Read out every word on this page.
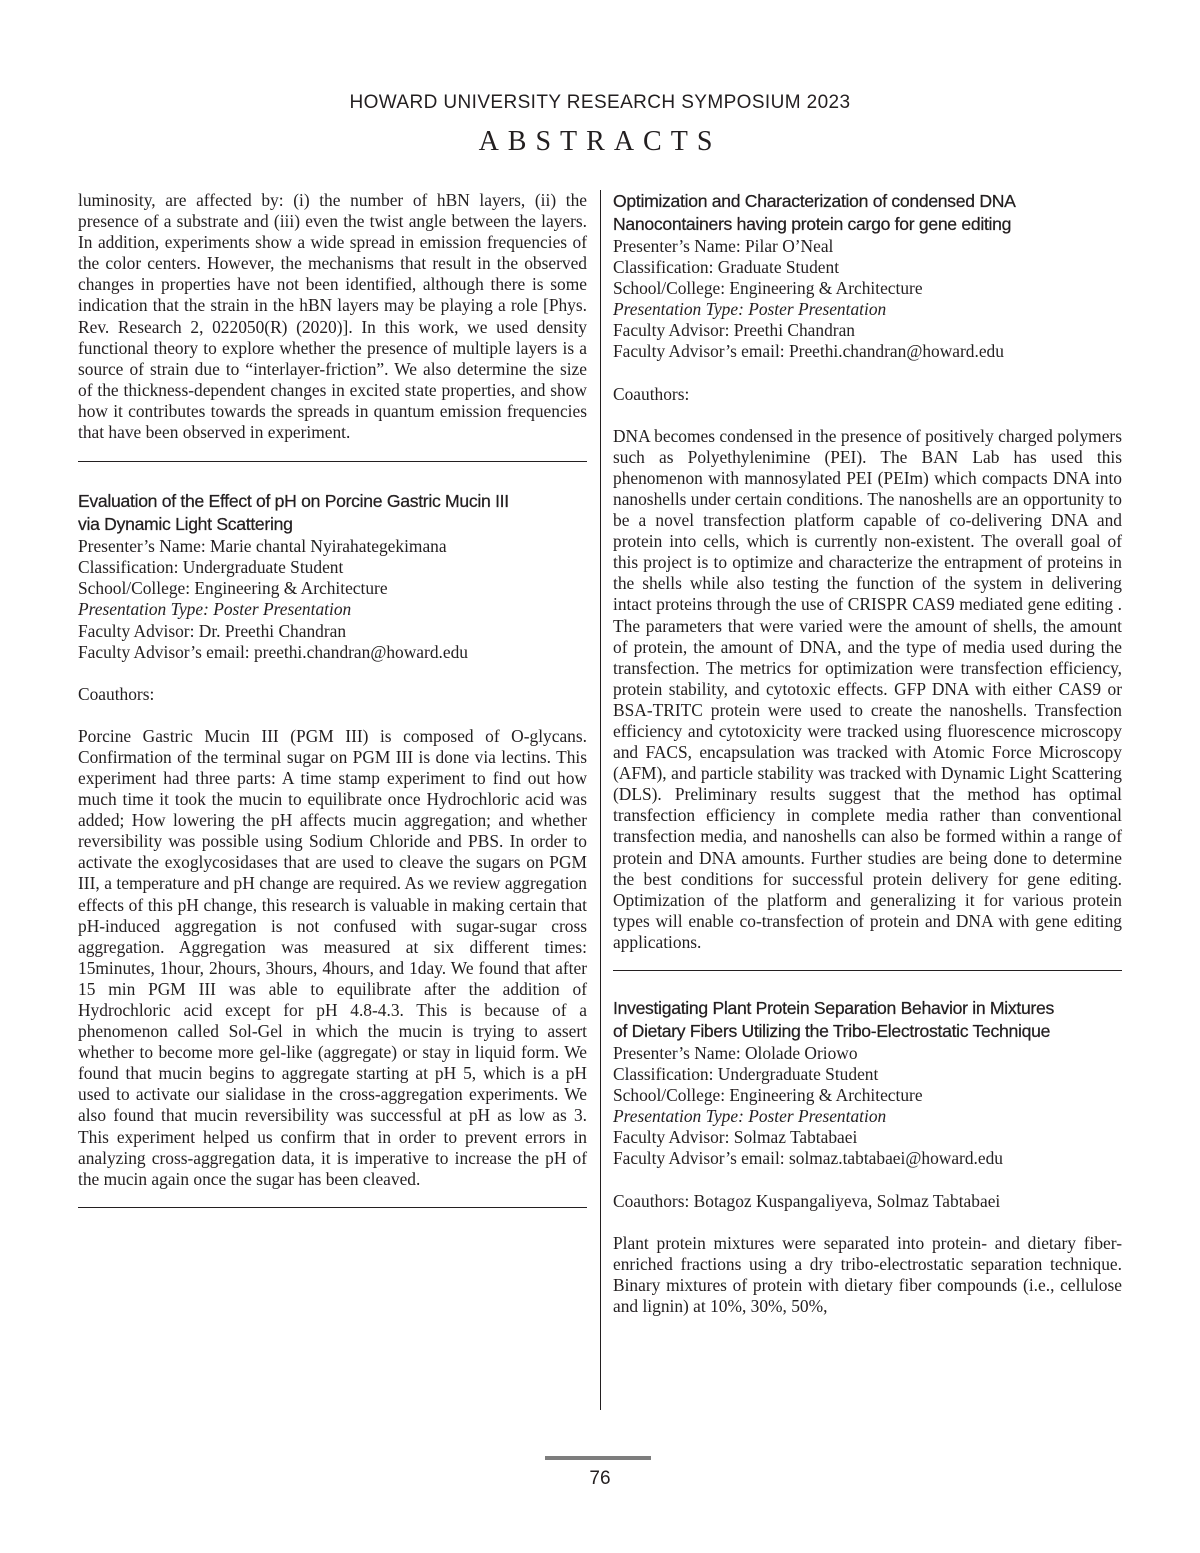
HOWARD UNIVERSITY RESEARCH SYMPOSIUM 2023
ABSTRACTS

luminosity, are affected by: (i) the number of hBN layers, (ii) the presence of a substrate and (iii) even the twist angle between the layers. In addition, experiments show a wide spread in emission frequencies of the color centers. However, the mechanisms that result in the observed changes in properties have not been identified, although there is some indication that the strain in the hBN layers may be playing a role [Phys. Rev. Research 2, 022050(R) (2020)]. In this work, we used density functional theory to explore whether the presence of multiple layers is a source of strain due to “interlayer-friction”. We also determine the size of the thickness-dependent changes in excited state properties, and show how it contributes towards the spreads in quantum emission frequencies that have been observed in experiment.

Evaluation of the Effect of pH on Porcine Gastric Mucin III
via Dynamic Light Scattering

Presenter’s Name: Marie chantal Nyirahategekimana

Classification: Undergraduate Student

School/College: Engineering & Architecture

Presentation Type: Poster Presentation

Faculty Advisor: Dr. Preethi Chandran

Faculty Advisor’s email: preethi.chandran@howard.edu

Coauthors:

Porcine Gastric Mucin III (PGM III) is composed of O-glycans. Confirmation of the terminal sugar on PGM III is done via lectins. This experiment had three parts: A time stamp experiment to find out how much time it took the mucin to equilibrate once Hydrochloric acid was added; How lowering the pH affects mucin aggregation; and whether reversibility was possible using Sodium Chloride and PBS. In order to activate the exoglycosidases that are used to cleave the sugars on PGM III, a temperature and pH change are required. As we review aggregation effects of this pH change, this research is valuable in making certain that pH-induced aggregation is not confused with sugar-sugar cross aggregation. Aggregation was measured at six different times: 15minutes, 1hour, 2hours, 3hours, 4hours, and 1day. We found that after 15 min PGM III was able to equilibrate after the addition of Hydrochloric acid except for pH 4.8-4.3. This is because of a phenomenon called Sol-Gel in which the mucin is trying to assert whether to become more gel-like (aggregate) or stay in liquid form. We found that mucin begins to aggregate starting at pH 5, which is a pH used to activate our sialidase in the cross-aggregation experiments. We also found that mucin reversibility was successful at pH as low as 3. This experiment helped us confirm that in order to prevent errors in analyzing cross-aggregation data, it is imperative to increase the pH of the mucin again once the sugar has been cleaved.

Optimization and Characterization of condensed DNA
Nanocontainers having protein cargo for gene editing

Presenter’s Name: Pilar O’Neal

Classification: Graduate Student

School/College: Engineering & Architecture

Presentation Type: Poster Presentation

Faculty Advisor: Preethi Chandran

Faculty Advisor’s email: Preethi.chandran@howard.edu

Coauthors:

DNA becomes condensed in the presence of positively charged polymers such as Polyethylenimine (PEI). The BAN Lab has used this phenomenon with mannosylated PEI (PEIm) which compacts DNA into nanoshells under certain conditions. The nanoshells are an opportunity to be a novel transfection platform capable of co-delivering DNA and protein into cells, which is currently non-existent. The overall goal of this project is to optimize and characterize the entrapment of proteins in the shells while also testing the function of the system in delivering intact proteins through the use of CRISPR CAS9 mediated gene editing . The parameters that were varied were the amount of shells, the amount of protein, the amount of DNA, and the type of media used during the transfection. The metrics for optimization were transfection efficiency, protein stability, and cytotoxic effects. GFP DNA with either CAS9 or BSA-TRITC protein were used to create the nanoshells. Transfection efficiency and cytotoxicity were tracked using fluorescence microscopy and FACS, encapsulation was tracked with Atomic Force Microscopy (AFM), and particle stability was tracked with Dynamic Light Scattering (DLS). Preliminary results suggest that the method has optimal transfection efficiency in complete media rather than conventional transfection media, and nanoshells can also be formed within a range of protein and DNA amounts. Further studies are being done to determine the best conditions for successful protein delivery for gene editing. Optimization of the platform and generalizing it for various protein types will enable co-transfection of protein and DNA with gene editing applications.

Investigating Plant Protein Separation Behavior in Mixtures
of Dietary Fibers Utilizing the Tribo-Electrostatic Technique

Presenter’s Name: Ololade Oriowo

Classification: Undergraduate Student

School/College: Engineering & Architecture

Presentation Type: Poster Presentation

Faculty Advisor: Solmaz Tabtabaei

Faculty Advisor’s email: solmaz.tabtabaei@howard.edu

Coauthors: Botagoz Kuspangaliyeva, Solmaz Tabtabaei

Plant protein mixtures were separated into protein- and dietary fiber-enriched fractions using a dry tribo-electrostatic separation technique. Binary mixtures of protein with dietary fiber compounds (i.e., cellulose and lignin) at 10%, 30%, 50%,

76
